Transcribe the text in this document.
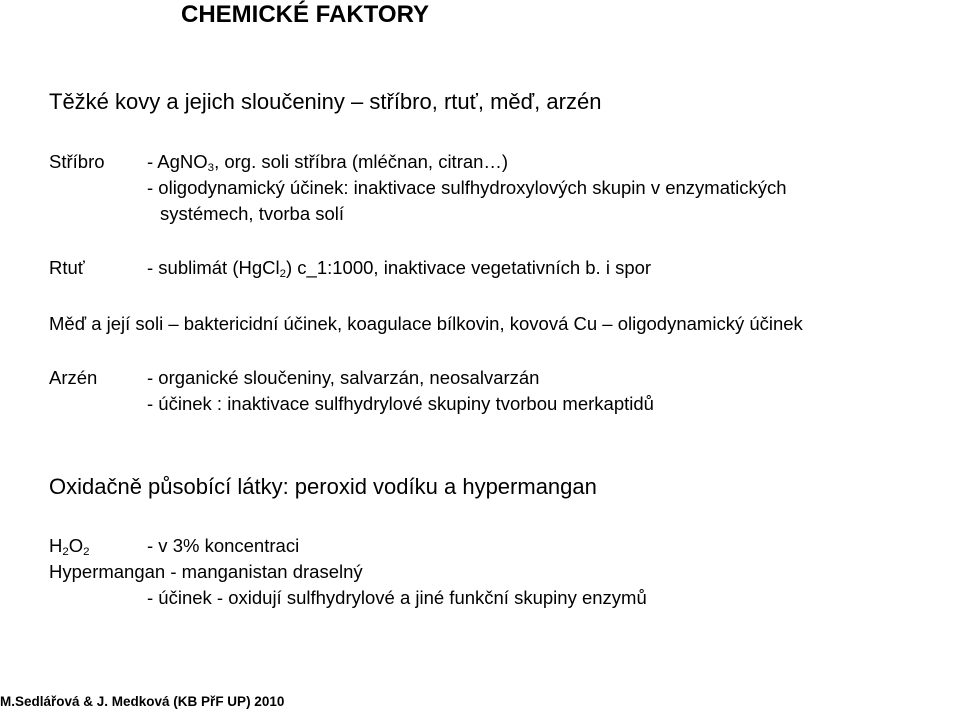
CHEMICKÉ FAKTORY
Těžké kovy a jejich sloučeniny – stříbro, rtuť, měď, arzén
Stříbro - AgNO$_3$, org. soli stříbra (mléčnan, citran…)
- oligodynamický účinek: inaktivace sulfhydroxylových skupin v enzymatických
systémech, tvorba solí
Rtuť	- sublimát (HgCl$_2$) c_1:1000, inaktivace vegetativních b. i spor
Měď a její soli – baktericidní účinek, koagulace bílkovin, kovová Cu – oligodynamický účinek
Arzén	- organické sloučeniny, salvarzán, neosalvarzán
- účinek : inaktivace sulfhydrylové skupiny tvorbou merkaptidů
Oxidačně působící látky: peroxid vodíku a hypermangan
$H_2O_2$	- v 3% koncentraci
Hypermangan - manganistan draselný
- účinek - oxidují sulfhydrylové a jiné funkční skupiny enzymů
M.Sedlářová & J. Medková (KB PřF UP) 2010
